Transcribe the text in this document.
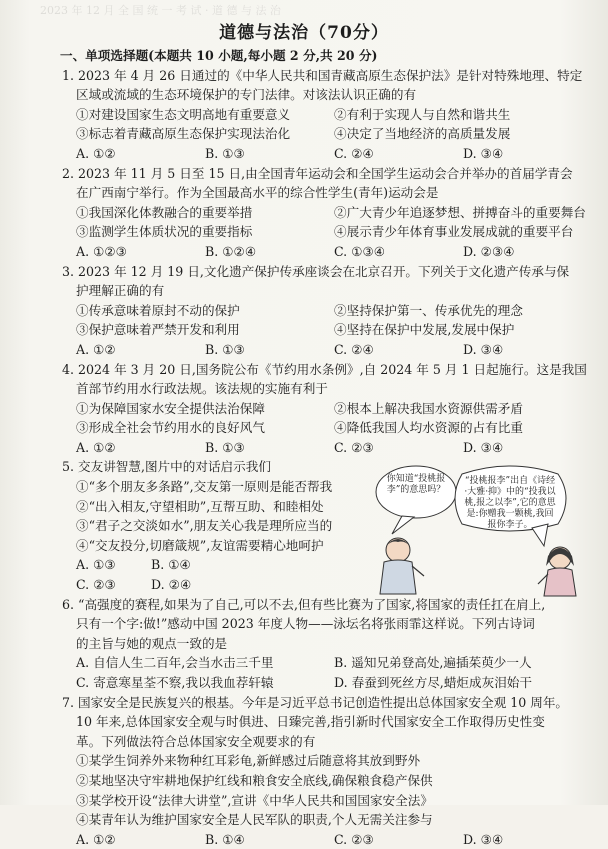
2023 年 12 月 全 国 统 一 考 试 · 道 德 与 法 治
道德与法治（70分）
一、单项选择题(本题共 10 小题,每小题 2 分,共 20 分)
1. 2023 年 4 月 26 日通过的《中华人民共和国青藏高原生态保护法》是针对特殊地理、特定
区域或流域的生态环境保护的专门法律。对该法认识正确的有
①对建设国家生态文明高地有重要意义	②有利于实现人与自然和谐共生
③标志着青藏高原生态保护实现法治化	④决定了当地经济的高质量发展
A. ①②	B. ①③	C. ②④	D. ③④
2. 2023 年 11 月 5 日至 15 日,由全国青年运动会和全国学生运动会合并举办的首届学青会
在广西南宁举行。作为全国最高水平的综合性学生(青年)运动会是
①我国深化体教融合的重要举措	②广大青少年追逐梦想、拼搏奋斗的重要舞台
③监测学生体质状况的重要指标	④展示青少年体育事业发展成就的重要平台
A. ①②③	B. ①②④	C. ①③④	D. ②③④
3. 2023 年 12 月 19 日,文化遗产保护传承座谈会在北京召开。下列关于文化遗产传承与保
护理解正确的有
①传承意味着原封不动的保护	②坚持保护第一、传承优先的理念
③保护意味着严禁开发和利用	④坚持在保护中发展,发展中保护
A. ①②	B. ①③	C. ②④	D. ③④
4. 2024 年 3 月 20 日,国务院公布《节约用水条例》,自 2024 年 5 月 1 日起施行。这是我国
首部节约用水行政法规。该法规的实施有利于
①为保障国家水安全提供法治保障	②根本上解决我国水资源供需矛盾
③形成全社会节约用水的良好风气	④降低我国人均水资源的占有比重
A. ①②	B. ①③	C. ②③	D. ③④
5. 交友讲智慧,图片中的对话启示我们
①“多个朋友多条路”,交友第一原则是能否帮我
②“出入相友,守望相助”,互帮互助、和睦相处
③“君子之交淡如水”,朋友关心我是理所应当的
④“交友投分,切磨箴规”,友谊需要精心地呵护
A. ①③	B. ①④
C. ②③	D. ②④
你知道“投桃报李”的意思吗？
“投桃报李”出自《诗经·大雅·抑》中的“投我以桃,报之以李”,它的意思是:你赠我一颗桃,我回报你李子。
6. “高强度的赛程,如果为了自己,可以不去,但有些比赛为了国家,将国家的责任扛在肩上,
只有一个字:做!”感动中国 2023 年度人物——泳坛名将张雨霏这样说。下列古诗词
的主旨与她的观点一致的是
A. 自信人生二百年,会当水击三千里	B. 遥知兄弟登高处,遍插茱萸少一人
C. 寄意寒星荃不察,我以我血荐轩辕	D. 春蚕到死丝方尽,蜡炬成灰泪始干
7. 国家安全是民族复兴的根基。今年是习近平总书记创造性提出总体国家安全观 10 周年。
10 年来,总体国家安全观与时俱进、日臻完善,指引新时代国家安全工作取得历史性变
革。下列做法符合总体国家安全观要求的有
①某学生饲养外来物种红耳彩龟,新鲜感过后随意将其放到野外
②某地坚决守牢耕地保护红线和粮食安全底线,确保粮食稳产保供
③某学校开设“法律大讲堂”,宣讲《中华人民共和国国家安全法》
④某青年认为维护国家安全是人民军队的职责,个人无需关注参与
A. ①②	B. ①④	C. ②③	D. ③④
